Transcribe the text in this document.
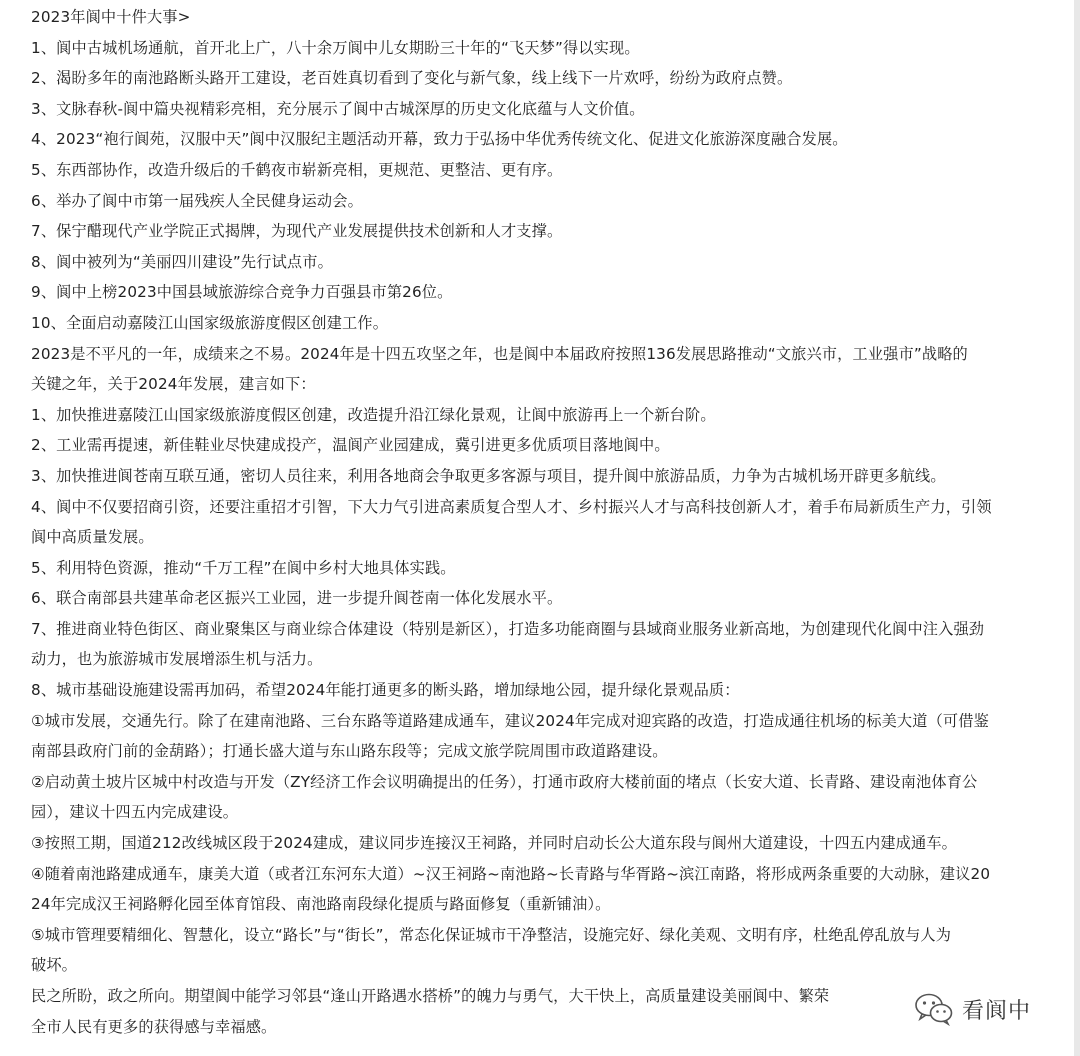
2023年阆中十件大事>
1、阆中古城机场通航，首开北上广，八十余万阆中儿女期盼三十年的“飞天梦”得以实现。
2、渴盼多年的南池路断头路开工建设，老百姓真切看到了变化与新气象，线上线下一片欢呼，纷纷为政府点赞。
3、文脉春秋-阆中篇央视精彩亮相，充分展示了阆中古城深厚的历史文化底蕴与人文价值。
4、2023“袍行阆苑，汉服中天”阆中汉服纪主题活动开幕，致力于弘扬中华优秀传统文化、促进文化旅游深度融合发展。
5、东西部协作，改造升级后的千鹤夜市崭新亮相，更规范、更整洁、更有序。
6、举办了阆中市第一届残疾人全民健身运动会。
7、保宁醋现代产业学院正式揭牌，为现代产业发展提供技术创新和人才支撑。
8、阆中被列为“美丽四川建设”先行试点市。
9、阆中上榜2023中国县域旅游综合竞争力百强县市第26位。
10、全面启动嘉陵江山国家级旅游度假区创建工作。
2023是不平凡的一年，成绩来之不易。2024年是十四五攻坚之年，也是阆中本届政府按照136发展思路推动“文旅兴市，工业强市”战略的
关键之年，关于2024年发展，建言如下：
1、加快推进嘉陵江山国家级旅游度假区创建，改造提升沿江绿化景观，让阆中旅游再上一个新台阶。
2、工业需再提速，新佳鞋业尽快建成投产，温阆产业园建成，冀引进更多优质项目落地阆中。
3、加快推进阆苍南互联互通，密切人员往来，利用各地商会争取更多客源与项目，提升阆中旅游品质，力争为古城机场开辟更多航线。
4、阆中不仅要招商引资，还要注重招才引智，下大力气引进高素质复合型人才、乡村振兴人才与高科技创新人才，着手布局新质生产力，引领
阆中高质量发展。
5、利用特色资源，推动“千万工程”在阆中乡村大地具体实践。
6、联合南部县共建革命老区振兴工业园，进一步提升阆苍南一体化发展水平。
7、推进商业特色街区、商业聚集区与商业综合体建设（特别是新区），打造多功能商圈与县域商业服务业新高地，为创建现代化阆中注入强劲
动力，也为旅游城市发展增添生机与活力。
8、城市基础设施建设需再加码，希望2024年能打通更多的断头路，增加绿地公园，提升绿化景观品质：
①城市发展，交通先行。除了在建南池路、三台东路等道路建成通车，建议2024年完成对迎宾路的改造，打造成通往机场的标美大道（可借鉴
南部县政府门前的金葫路）；打通长盛大道与东山路东段等；完成文旅学院周围市政道路建设。
②启动黄土坡片区城中村改造与开发（ZY经济工作会议明确提出的任务），打通市政府大楼前面的堵点（长安大道、长青路、建设南池体育公
园），建议十四五内完成建设。
③按照工期，国道212改线城区段于2024建成，建议同步连接汉王祠路，并同时启动长公大道东段与阆州大道建设，十四五内建成通车。
④随着南池路建成通车，康美大道（或者江东河东大道）~汉王祠路~南池路~长青路与华胥路~滨江南路，将形成两条重要的大动脉，建议20
24年完成汉王祠路孵化园至体育馆段、南池路南段绿化提质与路面修复（重新铺油）。
⑤城市管理要精细化、智慧化，设立“路长”与“街长”，常态化保证城市干净整洁，设施完好、绿化美观、文明有序，杜绝乱停乱放与人为
破坏。
民之所盼，政之所向。期望阆中能学习邻县“逢山开路遇水搭桥”的魄力与勇气，大干快上，高质量建设美丽阆中、繁荣
全市人民有更多的获得感与幸福感。
看阆中
